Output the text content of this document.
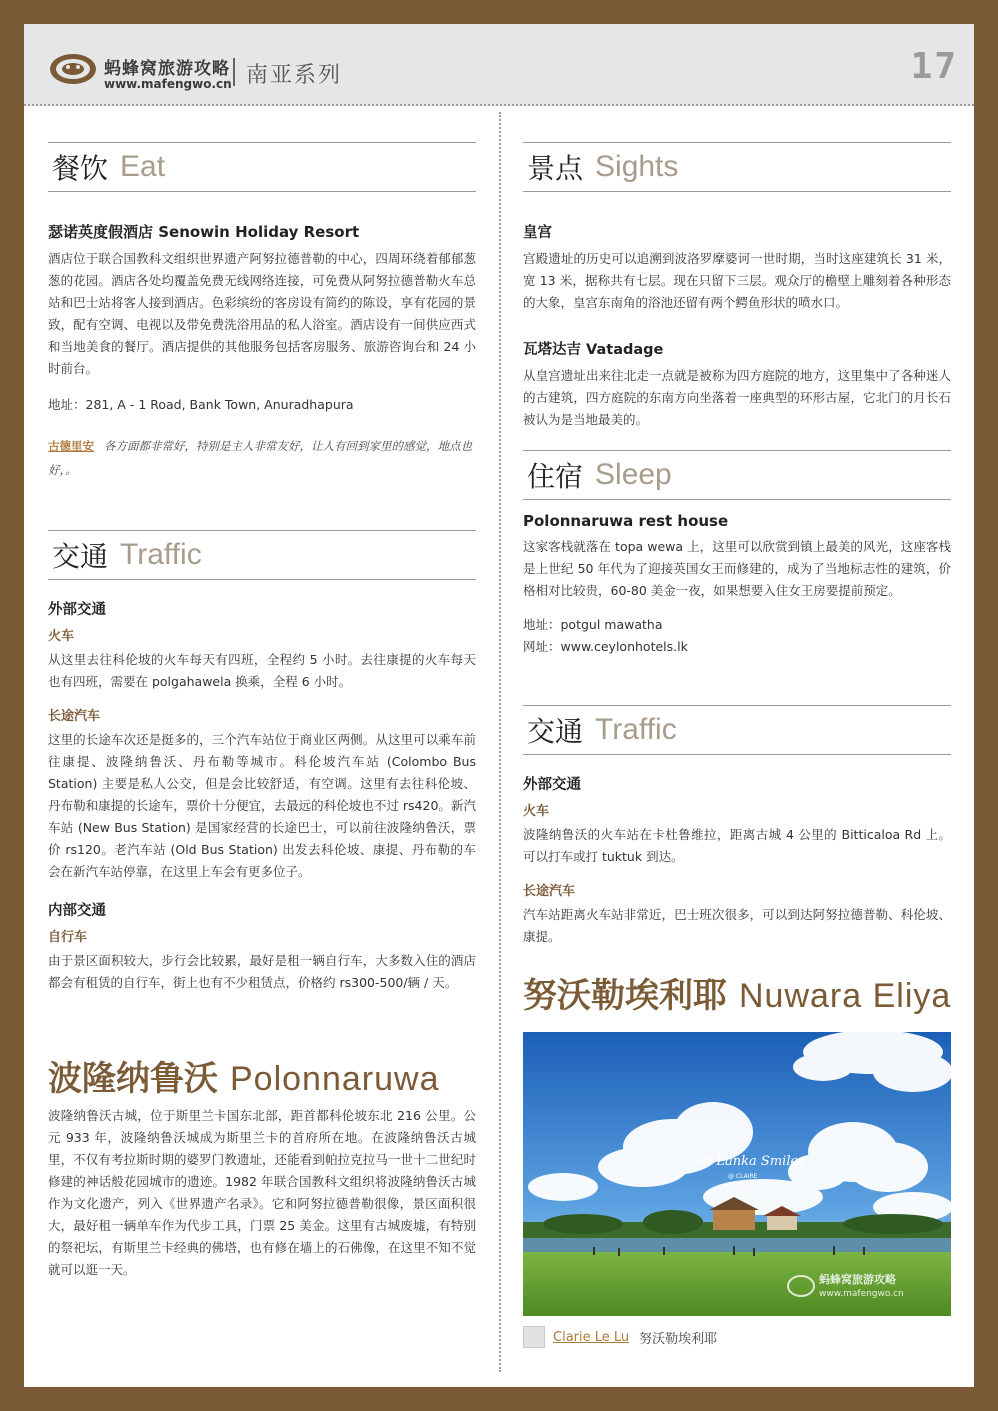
蚂蜂窝旅游攻略
www.mafengwo.cn 南亚系列	17
餐饮 Eat
瑟诺英度假酒店 Senowin Holiday Resort
酒店位于联合国教科文组织世界遗产阿努拉德普勒的中心，四周环绕着郁郁葱葱的花园。酒店各处均覆盖免费无线网络连接，可免费从阿努拉德普勒火车总站和巴士站将客人接到酒店。色彩缤纷的客房设有简约的陈设，享有花园的景致，配有空调、电视以及带免费洗浴用品的私人浴室。酒店设有一间供应西式和当地美食的餐厅。酒店提供的其他服务包括客房服务、旅游咨询台和 24 小时前台。
地址：281, A - 1 Road, Bank Town, Anuradhapura
古德里安 各方面都非常好，特别是主人非常友好，让人有回到家里的感觉，地点也好，。
交通 Traffic
外部交通
火车
从这里去往科伦坡的火车每天有四班，全程约 5 小时。去往康提的火车每天也有四班，需要在 polgahawela 换乘，全程 6 小时。
长途汽车
这里的长途车次还是挺多的，三个汽车站位于商业区两侧。从这里可以乘车前往康提、波隆纳鲁沃、丹布勒等城市。科伦坡汽车站 (Colombo Bus Station) 主要是私人公交，但是会比较舒适，有空调。这里有去往科伦坡、丹布勒和康提的长途车，票价十分便宜，去最远的科伦坡也不过 rs420。新汽车站 (New Bus Station) 是国家经营的长途巴士，可以前往波隆纳鲁沃，票价 rs120。老汽车站 (Old Bus Station) 出发去科伦坡、康提、丹布勒的车会在新汽车站停靠，在这里上车会有更多位子。
内部交通
自行车
由于景区面积较大，步行会比较累，最好是租一辆自行车，大多数入住的酒店都会有租赁的自行车，街上也有不少租赁点，价格约 rs300-500/辆 / 天。
波隆纳鲁沃 Polonnaruwa
波隆纳鲁沃古城，位于斯里兰卡国东北部，距首都科伦坡东北 216 公里。公元 933 年，波隆纳鲁沃城成为斯里兰卡的首府所在地。在波隆纳鲁沃古城里，不仅有考拉斯时期的婆罗门教遗址，还能看到帕拉克拉马一世十二世纪时修建的神话般花园城市的遗迹。1982 年联合国教科文组织将波隆纳鲁沃古城作为文化遗产，列入《世界遗产名录》。它和阿努拉德普勒很像，景区面积很大，最好租一辆单车作为代步工具，门票 25 美金。这里有古城废墟，有特别的祭祀坛，有斯里兰卡经典的佛塔，也有修在墙上的石佛像，在这里不知不觉就可以逛一天。
景点 Sights
皇宫
宫殿遗址的历史可以追溯到波洛罗摩婆诃一世时期，当时这座建筑长 31 米，宽 13 米，据称共有七层。现在只留下三层。观众厅的檐壁上雕刻着各种形态的大象，皇宫东南角的浴池还留有两个鳄鱼形状的喷水口。
瓦塔达吉 Vatadage
从皇宫遗址出来往北走一点就是被称为四方庭院的地方，这里集中了各种迷人的古建筑，四方庭院的东南方向坐落着一座典型的环形古屋，它北门的月长石被认为是当地最美的。
住宿 Sleep
Polonnaruwa rest house
这家客栈就落在 topa wewa 上，这里可以欣赏到镇上最美的风光，这座客栈是上世纪 50 年代为了迎接英国女王而修建的，成为了当地标志性的建筑，价格相对比较贵，60-80 美金一夜，如果想要入住女王房要提前预定。
地址：potgul mawatha
网址：www.ceylonhotels.lk
交通 Traffic
外部交通
火车
波隆纳鲁沃的火车站在卡杜鲁维拉，距离古城 4 公里的 Bitticaloa Rd 上。可以打车或打 tuktuk 到达。
长途汽车
汽车站距离火车站非常近，巴士班次很多，可以到达阿努拉德普勒、科伦坡、康提。
努沃勒埃利耶 Nuwara Eliya
Sri Lanka Smiles
@ CLAIRE
APR. 2014
蚂蜂窝旅游攻略
www.mafengwo.cn
Clarie Le Lu 努沃勒埃利耶
